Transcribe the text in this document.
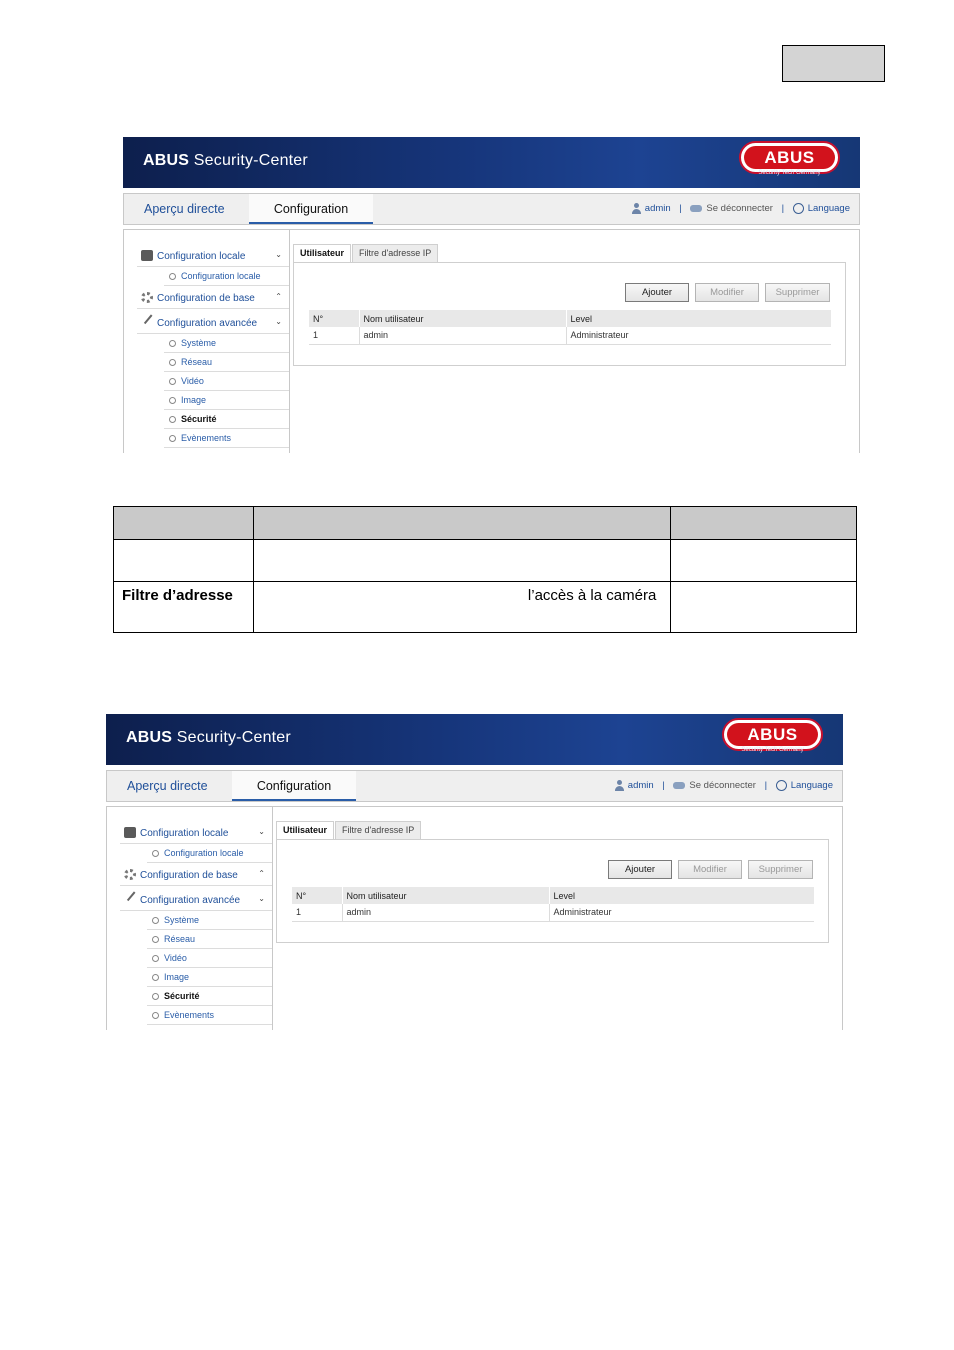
ABUS Security-Center	ABUS
Security Tech Germany
Aperçu directe	Configuration	admin |	Se déconnecter | Language
Configuration locale	⌄
Configuration locale
Configuration de base	⌃
Configuration avancée ⌄
Système
Réseau
Vidéo
Image
Sécurité
Evènements
Utilisateur	Filtre d'adresse IP
Ajouter	Modifier	Supprimer
N°	Nom utilisateur	Level
1	admin	Administrateur

Filtre d’adresse	l’accès à la caméra	
ABUS Security-Center	ABUS
Security Tech Germany
Aperçu directe	Configuration	admin |	Se déconnecter | Language
Configuration locale	⌄
Configuration locale
Configuration de base	⌃
Configuration avancée ⌄
Système
Réseau
Vidéo
Image
Sécurité
Evènements
Utilisateur	Filtre d'adresse IP
Ajouter	Modifier	Supprimer
N°	Nom utilisateur	Level
1	admin	Administrateur
